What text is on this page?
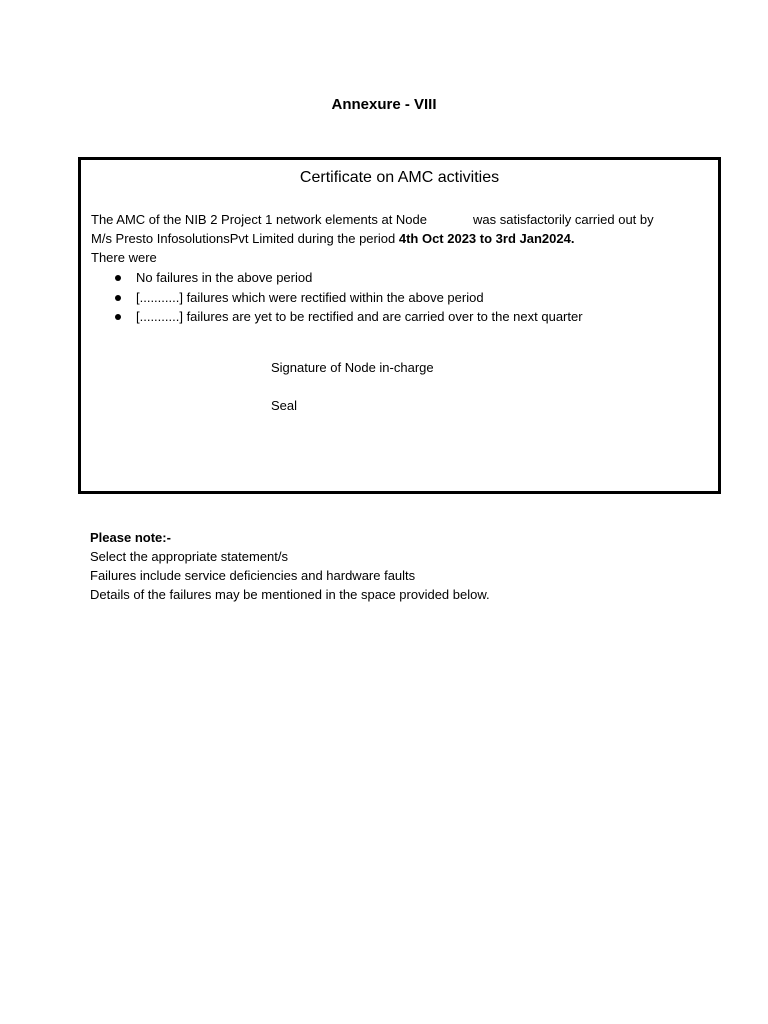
Annexure - VIII
Certificate on AMC activities

The AMC of the NIB 2 Project 1 network elements at Node	was satisfactorily carried out by

M/s Presto InfosolutionsPvt Limited during the period 4th Oct 2023 to 3rd Jan2024.

There were

No failures in the above period
[...........] failures which were rectified within the above period
[...........] failures are yet to be rectified and are carried over to the next quarter
Signature of Node in-charge
Seal

Please note:-

Select the appropriate statement/s

Failures include service deficiencies and hardware faults

Details of the failures may be mentioned in the space provided below.
